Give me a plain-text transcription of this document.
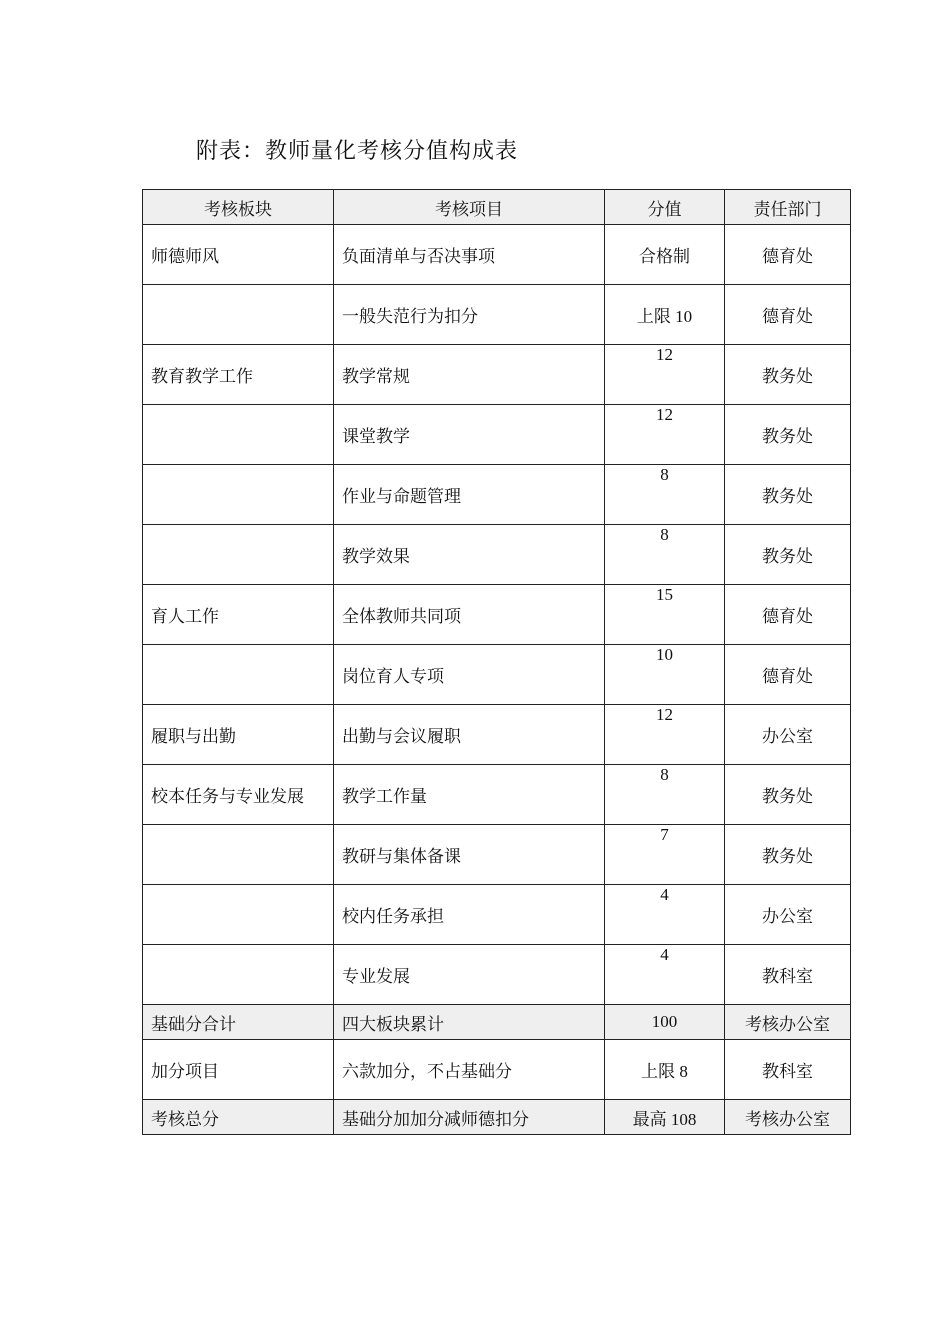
附表：教师量化考核分值构成表
考核板块	考核项目	分值	责任部门
师德师风	负面清单与否决事项	合格制	德育处
	一般失范行为扣分	上限 10	德育处
教育教学工作	教学常规	12	教务处
	课堂教学	12	教务处
	作业与命题管理	8	教务处
	教学效果	8	教务处
育人工作	全体教师共同项	15	德育处
	岗位育人专项	10	德育处
履职与出勤	出勤与会议履职	12	办公室
校本任务与专业发展	教学工作量	8	教务处
	教研与集体备课	7	教务处
	校内任务承担	4	办公室
	专业发展	4	教科室
基础分合计	四大板块累计	100	考核办公室
加分项目	六款加分，不占基础分	上限 8	教科室
考核总分	基础分加加分减师德扣分	最高 108	考核办公室
